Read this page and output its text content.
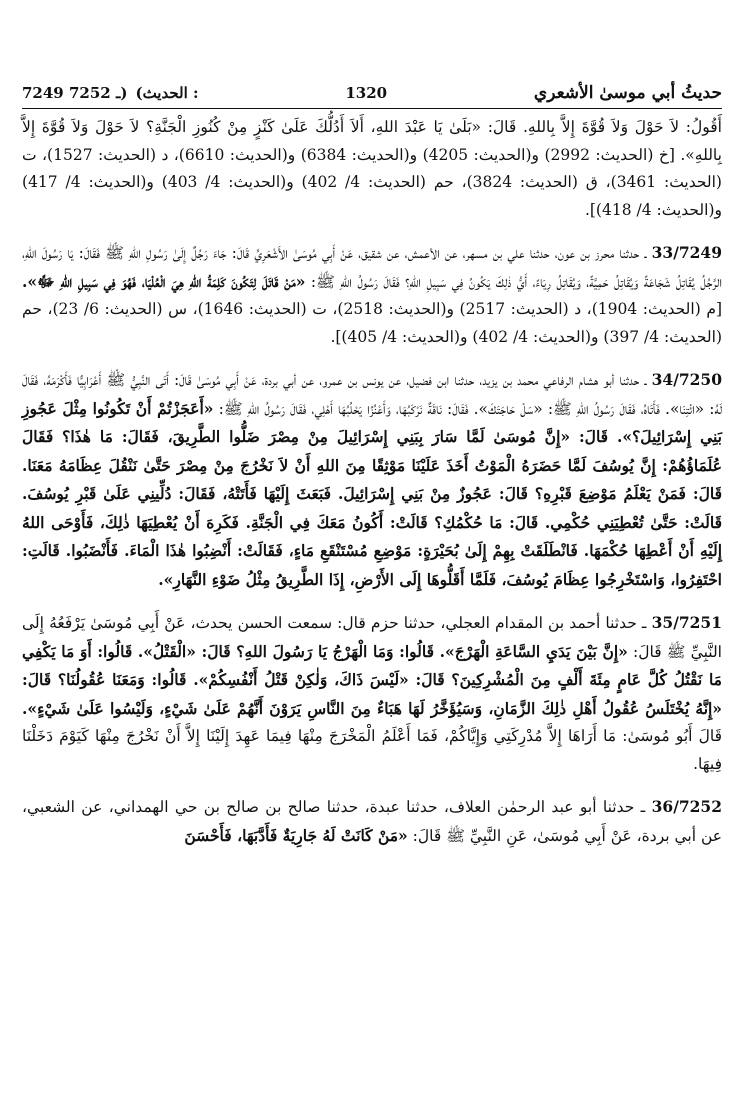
7249 ـ 7252) (الحديث :	1320	حديثُ أبي موسىٰ الأشعري

أَقُولُ: لاَ حَوْلَ وَلاَ قُوَّةَ إِلاَّ بِاللهِ. قَالَ: «بَلَىٰ يَا عَبْدَ اللهِ، أَلاَ أَدُلُّكَ عَلَىٰ كَنْزٍ مِنْ كُنُوزِ الْجَنَّةِ؟ لاَ حَوْلَ وَلاَ قُوَّةَ إِلاَّ بِاللهِ». [خ (الحديث: 2992) و(الحديث: 4205) و(الحديث: 6384) و(الحديث: 6610)، د (الحديث: 1527)، ت (الحديث: 3461)، ق (الحديث: 3824)، حم (الحديث: 4/ 402) و(الحديث: 4/ 403) و(الحديث: 4/ 417) و(الحديث: 4/ 418)].

33/7249 ـ حدثنا محرز بن عون، حدثنا علي بن مسهر، عن الأعمش، عن شقيق، عَنْ أَبِي مُوسَىٰ الأَشْعَرِيِّ قَالَ: جَاءَ رَجُلٌ إِلَىٰ رَسُولِ اللهِ ﷺ فَقَالَ: يَا رَسُولَ اللهِ، الرَّجُلُ يُقَاتِلُ شَجَاعَةً وَيُقَاتِلُ حَمِيَّةً، وَيُقَاتِلُ رِيَاءً، أَيُّ ذٰلِكَ يَكُونُ فِي سَبِيلِ اللهِ؟ فَقَالَ رَسُولُ اللهِ ﷺ: «مَنْ قَاتَلَ لِتَكُونَ كَلِمَةُ اللهِ هِيَ الْعُلْيَا، فَهُوَ فِي سَبِيلِ اللهِ ﷻ». [م (الحديث: 1904)، د (الحديث: 2517) و(الحديث: 2518)، ت (الحديث: 1646)، س (الحديث: 6/ 23)، حم (الحديث: 4/ 397) و(الحديث: 4/ 402) و(الحديث: 4/ 405)].

34/7250 ـ حدثنا أبو هشام الرفاعي محمد بن يزيد، حدثنا ابن فضيل، عن يونس بن عمرو، عن أبي بردة، عَنْ أَبِي مُوسَىٰ قَالَ: أَتَى النَّبِيُّ ﷺ أَعْرَابِيًّا فَأَكْرَمَهُ، فَقَالَ لَهُ: «ائْتِنَا». فَأَتَاهُ، فَقَالَ رَسُولُ اللهِ ﷺ: «سَلْ حَاجَتَكَ». فَقَالَ: نَاقَةٌ نَرْكَبُهَا، وَأَعْنُزًا يَحْلُبُهَا أَهْلِي، فَقَالَ رَسُولُ اللهِ ﷺ: «أَعَجَزْتُمْ أَنْ تَكُونُوا مِثْلَ عَجُوزِ بَنِي إِسْرَائِيلَ؟». قَالَ: «إِنَّ مُوسَىٰ لَمَّا سَارَ بِبَنِي إِسْرَائِيلَ مِنْ مِصْرَ ضَلُّوا الطَّرِيقَ، فَقَالَ: مَا هٰذَا؟ فَقَالَ عُلَمَاؤُهُمْ: إِنَّ يُوسُفَ لَمَّا حَضَرَهُ الْمَوْتُ أَخَذَ عَلَيْنَا مَوْثِقًا مِنَ اللهِ أَنْ لاَ نَخْرُجَ مِنْ مِصْرَ حَتَّىٰ نَنْقُلَ عِظَامَهُ مَعَنَا. قَالَ: فَمَنْ يَعْلَمُ مَوْضِعَ قَبْرِهِ؟ قَالَ: عَجُوزٌ مِنْ بَنِي إِسْرَائِيلَ. فَبَعَثَ إِلَيْهَا فَأَتَتْهُ، فَقَالَ: دُلِّينِي عَلَىٰ قَبْرِ يُوسُفَ. قَالَتْ: حَتَّىٰ تُعْطِيَنِي حُكْمِي. قَالَ: مَا حُكْمُكِ؟ قَالَتْ: أَكُونُ مَعَكَ فِي الْجَنَّةِ. فَكَرِهَ أَنْ يُعْطِيَهَا ذٰلِكَ، فَأَوْحَى اللهُ إِلَيْهِ أَنْ أَعْطِهَا حُكْمَهَا. فَانْطَلَقَتْ بِهِمْ إِلَىٰ بُحَيْرَةٍ: مَوْضِعِ مُسْتَنْقَعِ مَاءٍ، فَقَالَتْ: أَنْضِبُوا هٰذَا الْمَاءَ. فَأَنْضَبُوا. قَالَتِ: احْتَفِرُوا، وَاسْتَخْرِجُوا عِظَامَ يُوسُفَ، فَلَمَّا أَقَلُّوهَا إِلَى الأَرْضِ، إِذَا الطَّرِيقُ مِثْلُ ضَوْءِ النَّهَارِ».

35/7251 ـ حدثنا أحمد بن المقدام العجلي، حدثنا حزم قال: سمعت الحسن يحدث، عَنْ أَبِي مُوسَىٰ يَرْفَعُهُ إِلَى النَّبِيِّ ﷺ قَالَ: «إِنَّ بَيْنَ يَدَيِ السَّاعَةِ الْهَرْجَ». قَالُوا: وَمَا الْهَرْجُ يَا رَسُولَ اللهِ؟ قَالَ: «الْقَتْلُ». قَالُوا: أَوَ مَا يَكْفِي مَا نَقْتُلُ كُلَّ عَامٍ مِئَةَ أَلْفٍ مِنَ الْمُشْرِكِينَ؟ قَالَ: «لَيْسَ ذَاكَ، وَلٰكِنْ قَتْلُ أَنْفُسِكُمْ». قَالُوا: وَمَعَنَا عُقُولُنَا؟ قَالَ: «إِنَّهُ يُخْتَلَسُ عُقُولُ أَهْلِ ذٰلِكَ الزَّمَانِ، وَسَيُؤَخَّرُ لَهَا هَبَاءٌ مِنَ النَّاسِ يَرَوْنَ أَنَّهُمْ عَلَىٰ شَيْءٍ، وَلَيْسُوا عَلَىٰ شَيْءٍ». قَالَ أَبُو مُوسَىٰ: مَا أَرَاهَا إِلاَّ مُدْرِكَتِي وَإِيَّاكُمْ، فَمَا أَعْلَمُ الْمَخْرَجَ مِنْهَا فِيمَا عَهِدَ إِلَيْنَا إِلاَّ أَنْ نَخْرُجَ مِنْهَا كَيَوْمَ دَخَلْنَا فِيهَا.

36/7252 ـ حدثنا أبو عبد الرحمٰن العلاف، حدثنا عبدة، حدثنا صالح بن صالح بن حي الهمداني، عن الشعبي، عن أبي بردة، عَنْ أَبِي مُوسَىٰ، عَنِ النَّبِيِّ ﷺ قَالَ: «مَنْ كَانَتْ لَهُ جَارِيَةٌ فَأَدَّبَهَا، فَأَحْسَنَ
